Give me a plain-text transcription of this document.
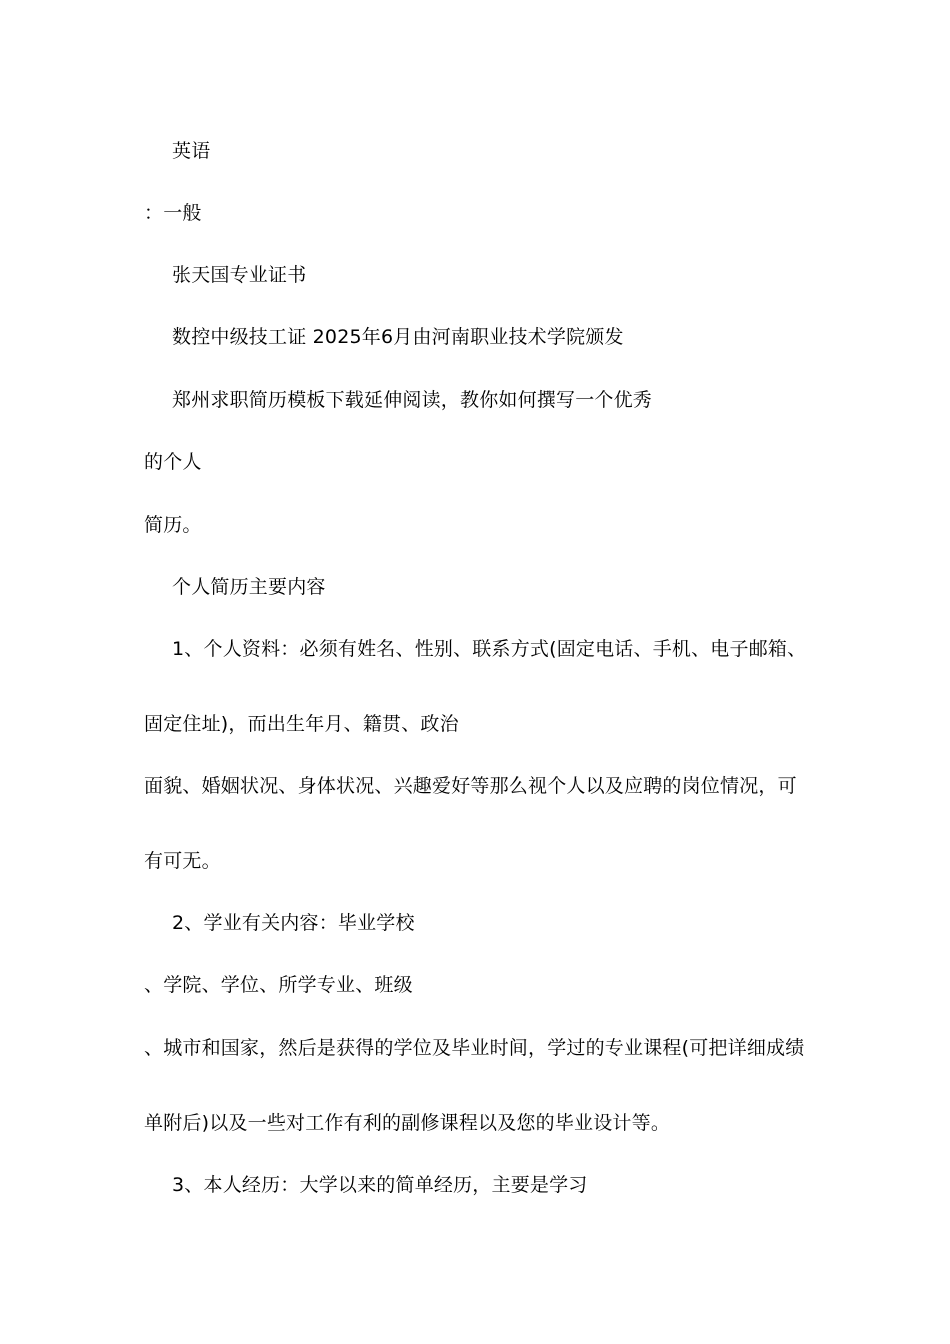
英语
：一般
张天国专业证书
数控中级技工证 2025年6月由河南职业技术学院颁发
郑州求职简历模板下载延伸阅读，教你如何撰写一个优秀
的个人
简历。
个人简历主要内容
1、个人资料：必须有姓名、性别、联系方式(固定电话、手机、电子邮箱、
固定住址)，而出生年月、籍贯、政治
面貌、婚姻状况、身体状况、兴趣爱好等那么视个人以及应聘的岗位情况，可
有可无。
2、学业有关内容：毕业学校
、学院、学位、所学专业、班级
、城市和国家，然后是获得的学位及毕业时间，学过的专业课程(可把详细成绩
单附后)以及一些对工作有利的副修课程以及您的毕业设计等。
3、本人经历：大学以来的简单经历，主要是学习
